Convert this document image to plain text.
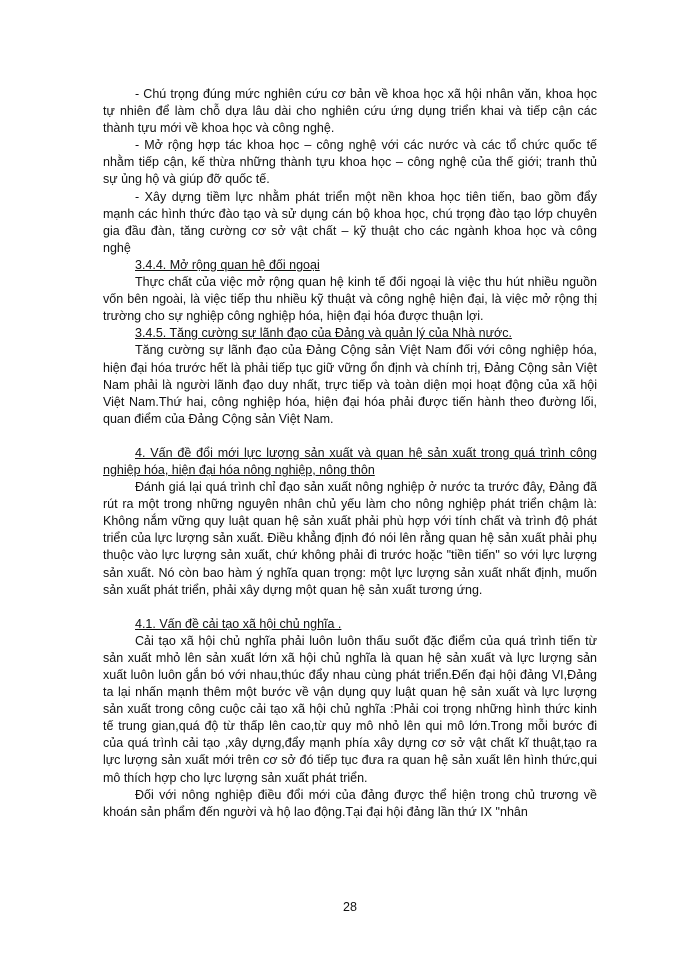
- Chú trọng đúng mức nghiên cứu cơ bản về khoa học xã hội nhân văn, khoa học tự nhiên để làm chỗ dựa lâu dài cho nghiên cứu ứng dụng triển khai và tiếp cận các thành tựu mới về khoa học và công nghệ.

- Mở rộng hợp tác khoa học – công nghệ với các nước và các tổ chức quốc tế nhằm tiếp cận, kế thừa những thành tựu khoa học – công nghệ của thế giới; tranh thủ sự ủng hộ và giúp đỡ quốc tế.

- Xây dựng tiềm lực nhằm phát triển một nền khoa học tiên tiến, bao gồm đẩy mạnh các hình thức đào tạo và sử dụng cán bộ khoa học, chú trọng đào tạo lớp chuyên gia đầu đàn, tăng cường cơ sở vật chất – kỹ thuật cho các ngành khoa học và công nghệ

3.4.4. Mở rộng quan hệ đối ngoại

Thực chất của việc mở rộng quan hệ kinh tế đối ngoại là việc thu hút nhiều nguồn vốn bên ngoài, là việc tiếp thu nhiều kỹ thuật và công nghệ hiện đại, là việc mở rộng thị trường cho sự nghiệp công nghiệp hóa, hiện đại hóa được thuận lợi.

3.4.5. Tăng cường sự lãnh đạo của Đảng và quản lý của Nhà nước.

Tăng cường sự lãnh đạo của Đảng Cộng sản Việt Nam đối với công nghiệp hóa, hiện đại hóa trước hết là phải tiếp tục giữ vững ổn định và chính trị, Đảng Cộng sản Việt Nam phải là người lãnh đạo duy nhất, trực tiếp và toàn diện mọi hoạt động của xã hội Việt Nam.Thứ hai, công nghiệp hóa, hiện đại hóa phải được tiến hành theo đường lối, quan điểm của Đảng Cộng sản Việt Nam.

4. Vấn đề đổi mới lực lượng sản xuất và quan hệ sản xuất trong quá trình công nghiệp hóa, hiện đại hóa nông nghiệp, nông thôn

Đánh giá lại quá trình chỉ đạo sản xuất nông nghiệp ở nước ta trước đây, Đảng đã rút ra một trong những nguyên nhân chủ yếu làm cho nông nghiệp phát triển chậm là: Không nắm vững quy luật quan hệ sản xuất phải phù hợp với tính chất và trình độ phát triển của lực lượng sản xuất. Điều khẳng định đó nói lên rằng quan hệ sản xuất phải phụ thuộc vào lực lượng sản xuất, chứ không phải đi trước hoặc "tiền tiến" so với lực lượng sản xuất. Nó còn bao hàm ý nghĩa quan trọng: một lực lượng sản xuất nhất định, muốn sản xuất phát triển, phải xây dựng một quan hệ sản xuất tương ứng.

4.1. Vấn đề cải tạo xã hội chủ nghĩa .

Cải tạo xã hội chủ nghĩa phải luôn luôn thấu suốt đặc điểm của quá trình tiến từ sản xuất mhỏ lên sản xuất lớn xã hội chủ nghĩa là quan hệ sản xuất và lực lượng sản xuất luôn luôn gắn bó với nhau,thúc đẩy nhau cùng phát triển.Đến đại hội đảng VI,Đảng ta lại nhấn mạnh thêm một bước về vận dụng quy luật quan hệ sản xuất và lực lượng sản xuất trong công cuộc cải tạo xã hội chủ nghĩa :Phải coi trọng những hình thức kinh tế trung gian,quá độ từ thấp lên cao,từ quy mô nhỏ lên qui mô lớn.Trong mỗi bước đi của quá trình cải tạo ,xây dựng,đẩy mạnh phía xây dựng cơ sở vật chất kĩ thuật,tạo ra lực lượng sản xuất mới trên cơ sở đó tiếp tục đưa ra quan hệ sản xuất lên hình thức,qui mô thích hợp cho lực lượng sản xuất phát triển.

Đối với nông nghiệp điều đổi mới của đảng được thể hiện trong chủ trương về khoán sản phẩm đến người và hộ lao động.Tại đại hội đảng lần thứ IX "nhân

28
